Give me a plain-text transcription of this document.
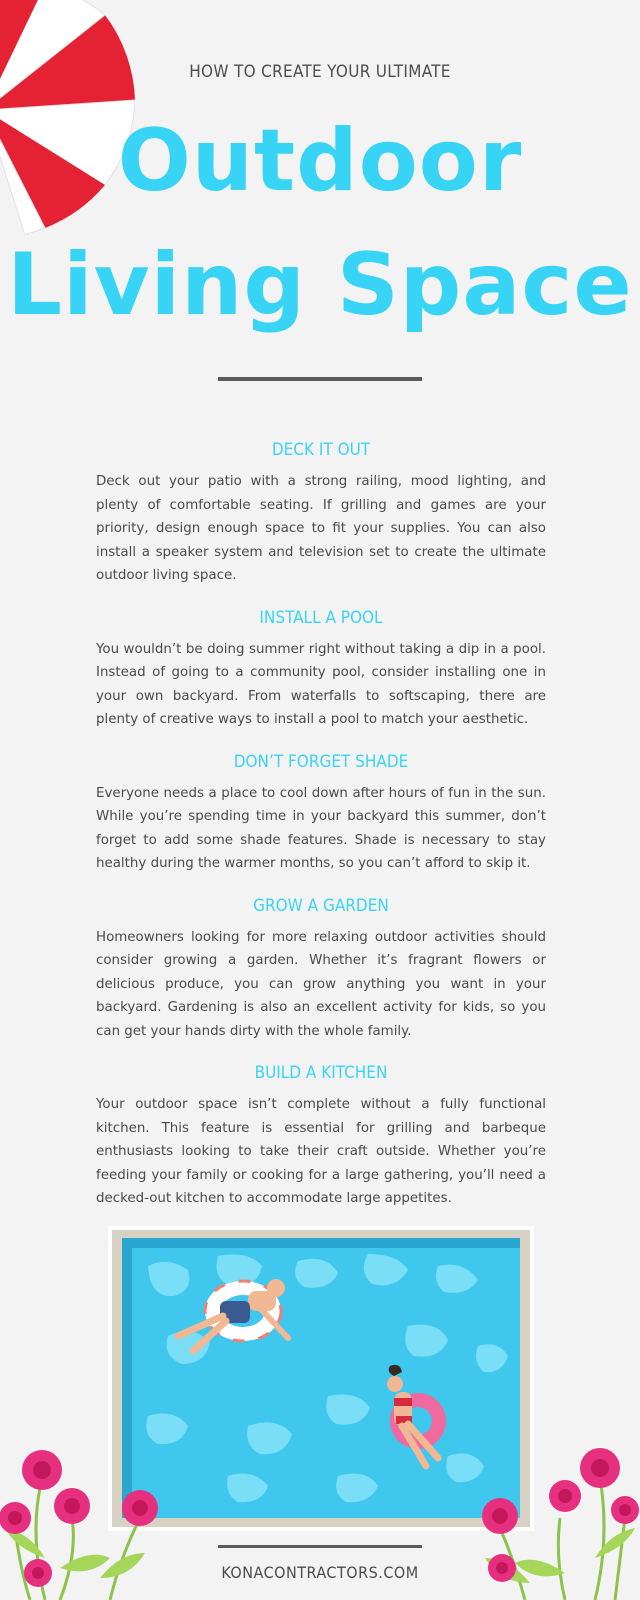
HOW TO CREATE YOUR ULTIMATE
Outdoor
Living Space
DECK IT OUT

Deck out your patio with a strong railing, mood lighting, and plenty of comfortable seating. If grilling and games are your priority, design enough space to fit your supplies. You can also install a speaker system and television set to create the ultimate outdoor living space.

INSTALL A POOL

You wouldn’t be doing summer right without taking a dip in a pool. Instead of going to a community pool, consider installing one in your own backyard. From waterfalls to softscaping, there are plenty of creative ways to install a pool to match your aesthetic.

DON’T FORGET SHADE

Everyone needs a place to cool down after hours of fun in the sun. While you’re spending time in your backyard this summer, don’t forget to add some shade features. Shade is necessary to stay healthy during the warmer months, so you can’t afford to skip it.

GROW A GARDEN

Homeowners looking for more relaxing outdoor activities should consider growing a garden. Whether it’s fragrant flowers or delicious produce, you can grow anything you want in your backyard. Gardening is also an excellent activity for kids, so you can get your hands dirty with the whole family.

BUILD A KITCHEN

Your outdoor space isn’t complete without a fully functional kitchen. This feature is essential for grilling and barbeque enthusiasts looking to take their craft outside. Whether you’re feeding your family or cooking for a large gathering, you’ll need a decked-out kitchen to accommodate large appetites.

KONACONTRACTORS.COM
